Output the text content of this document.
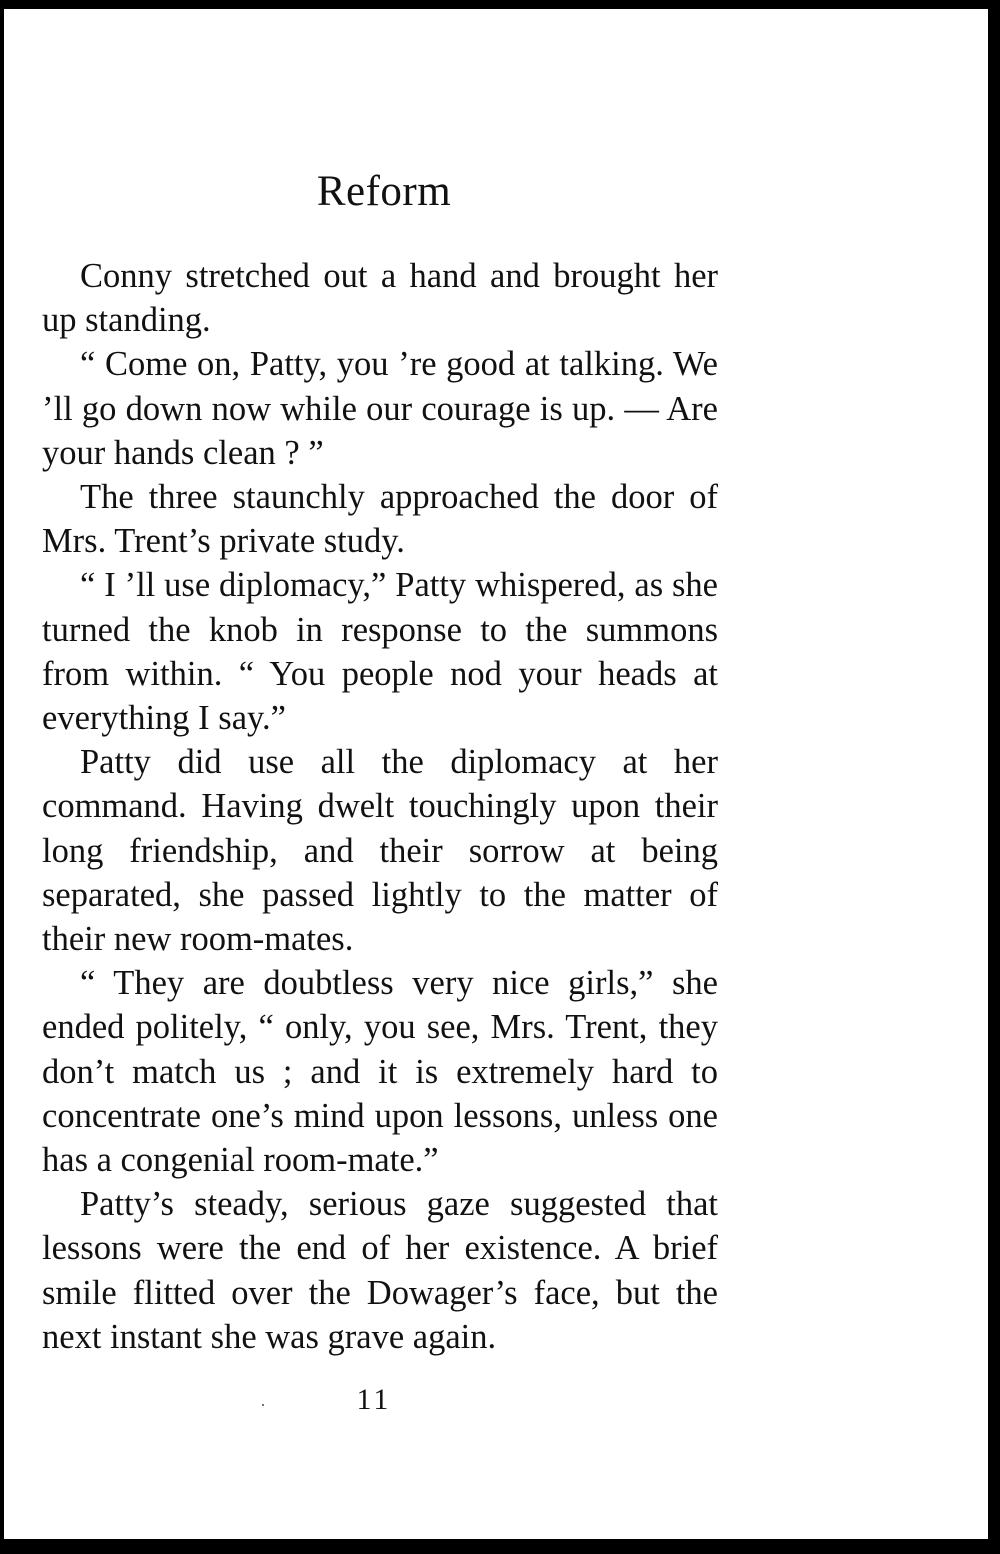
Reform

Conny stretched out a hand and brought her up standing.

“ Come on, Patty, you ’re good at talking. We ’ll go down now while our courage is up. — Are your hands clean ? ”

The three staunchly approached the door of Mrs. Trent’s private study.

“ I ’ll use diplomacy,” Patty whispered, as she turned the knob in response to the summons from within. “ You people nod your heads at everything I say.”

Patty did use all the diplomacy at her command. Having dwelt touchingly upon their long friendship, and their sorrow at being separated, she passed lightly to the matter of their new room-mates.

“ They are doubtless very nice girls,” she ended politely, “ only, you see, Mrs. Trent, they don’t match us ; and it is extremely hard to concentrate one’s mind upon lessons, unless one has a congenial room-mate.”

Patty’s steady, serious gaze suggested that lessons were the end of her existence. A brief smile flitted over the Dowager’s face, but the next instant she was grave again.

11
